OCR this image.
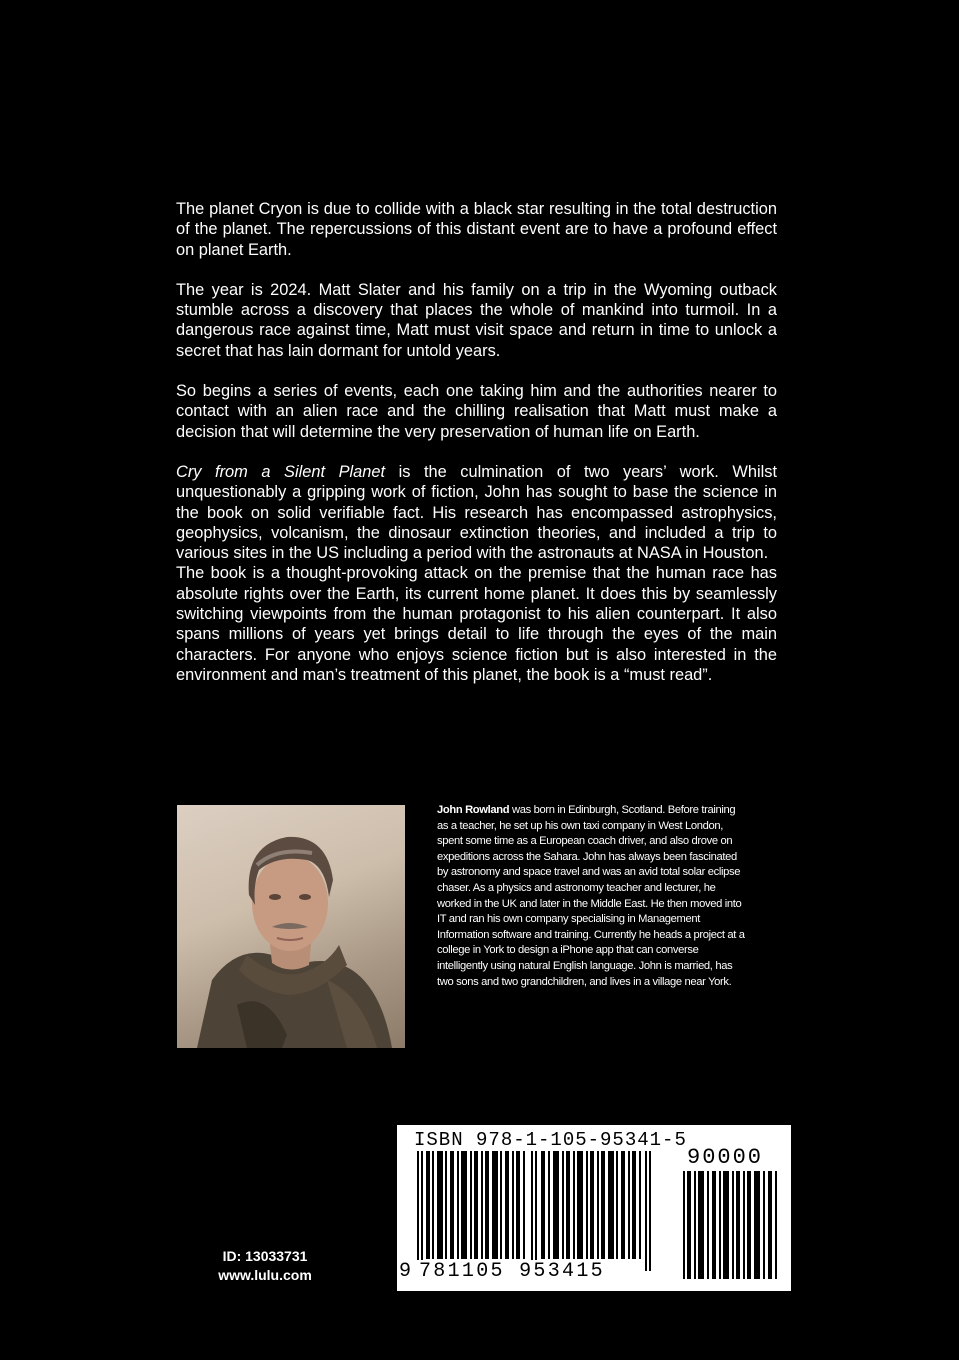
The planet Cryon is due to collide with a black star resulting in the total destruction of the planet. The repercussions of this distant event are to have a profound effect on planet Earth.

The year is 2024. Matt Slater and his family on a trip in the Wyoming outback stumble across a discovery that places the whole of mankind into turmoil. In a dangerous race against time, Matt must visit space and return in time to unlock a secret that has lain dormant for untold years.

So begins a series of events, each one taking him and the authorities nearer to contact with an alien race and the chilling realisation that Matt must make a decision that will determine the very preservation of human life on Earth.

Cry from a Silent Planet is the culmination of two years’ work. Whilst unquestionably a gripping work of fiction, John has sought to base the science in the book on solid verifiable fact. His research has encompassed astrophysics, geophysics, volcanism, the dinosaur extinction theories, and included a trip to various sites in the US including a period with the astronauts at NASA in Houston.

The book is a thought-provoking attack on the premise that the human race has absolute rights over the Earth, its current home planet. It does this by seamlessly switching viewpoints from the human protagonist to his alien counterpart. It also spans millions of years yet brings detail to life through the eyes of the main characters. For anyone who enjoys science fiction but is also interested in the environment and man’s treatment of this planet, the book is a “must read”.

John Rowland was born in Edinburgh, Scotland. Before training as a teacher, he set up his own taxi company in West London, spent some time as a European coach driver, and also drove on expeditions across the Sahara. John has always been fascinated by astronomy and space travel and was an avid total solar eclipse chaser. As a physics and astronomy teacher and lecturer, he worked in the UK and later in the Middle East. He then moved into IT and ran his own company specialising in Management Information software and training. Currently he heads a project at a college in York to design a iPhone app that can converse intelligently using natural English language. John is married, has two sons and two grandchildren, and lives in a village near York.
ISBN 978-1-105-95341-5
90000
9 781105 953415
ID: 13033731
www.lulu.com
